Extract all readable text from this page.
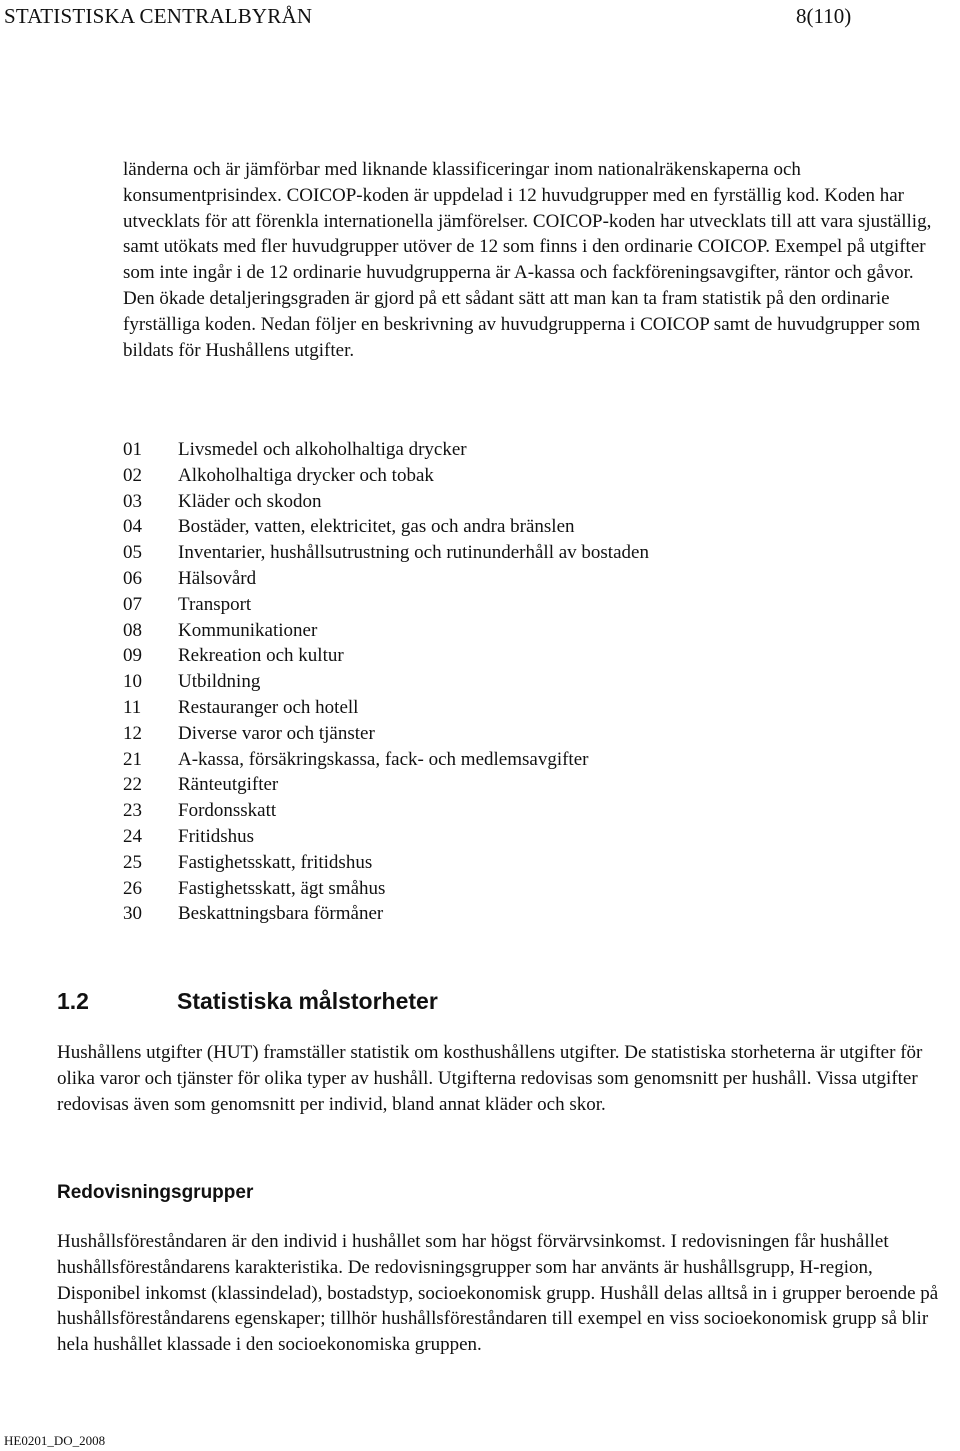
STATISTISKA CENTRALBYRÅN	8(110)

länderna och är jämförbar med liknande klassificeringar inom nationalräkenskaperna och konsumentprisindex. COICOP-koden är uppdelad i 12 huvudgrupper med en fyrställig kod. Koden har utvecklats för att förenkla internationella jämförelser. COICOP-koden har utvecklats till att vara sjuställig, samt utökats med fler huvudgrupper utöver de 12 som finns i den ordinarie COICOP. Exempel på utgifter som inte ingår i de 12 ordinarie huvudgrupperna är A-kassa och fackföreningsavgifter, räntor och gåvor. Den ökade detaljeringsgraden är gjord på ett sådant sätt att man kan ta fram statistik på den ordinarie fyrställiga koden. Nedan följer en beskrivning av huvudgrupperna i COICOP samt de huvudgrupper som bildats för Hushållens utgifter.

01	Livsmedel och alkoholhaltiga drycker
02	Alkoholhaltiga drycker och tobak
03	Kläder och skodon
04	Bostäder, vatten, elektricitet, gas och andra bränslen
05	Inventarier, hushållsutrustning och rutinunderhåll av bostaden
06	Hälsovård
07	Transport
08	Kommunikationer
09	Rekreation och kultur
10	Utbildning
11	Restauranger och hotell
12	Diverse varor och tjänster
21	A-kassa, försäkringskassa, fack- och medlemsavgifter
22	Ränteutgifter
23	Fordonsskatt
24	Fritidshus
25	Fastighetsskatt, fritidshus
26	Fastighetsskatt, ägt småhus
30	Beskattningsbara förmåner
1.2	Statistiska målstorheter

Hushållens utgifter (HUT) framställer statistik om kosthushållens utgifter. De statistiska storheterna är utgifter för olika varor och tjänster för olika typer av hushåll. Utgifterna redovisas som genomsnitt per hushåll. Vissa utgifter redovisas även som genomsnitt per individ, bland annat kläder och skor.

Redovisningsgrupper

Hushållsföreståndaren är den individ i hushållet som har högst förvärvsinkomst. I redovisningen får hushållet hushållsföreståndarens karakteristika. De redovisningsgrupper som har använts är hushållsgrupp, H-region, Disponibel inkomst (klassindelad), bostadstyp, socioekonomisk grupp. Hushåll delas alltså in i grupper beroende på hushållsföreståndarens egenskaper; tillhör hushållsföreståndaren till exempel en viss socioekonomisk grupp så blir hela hushållet klassade i den socioekonomiska gruppen.

HE0201_DO_2008
